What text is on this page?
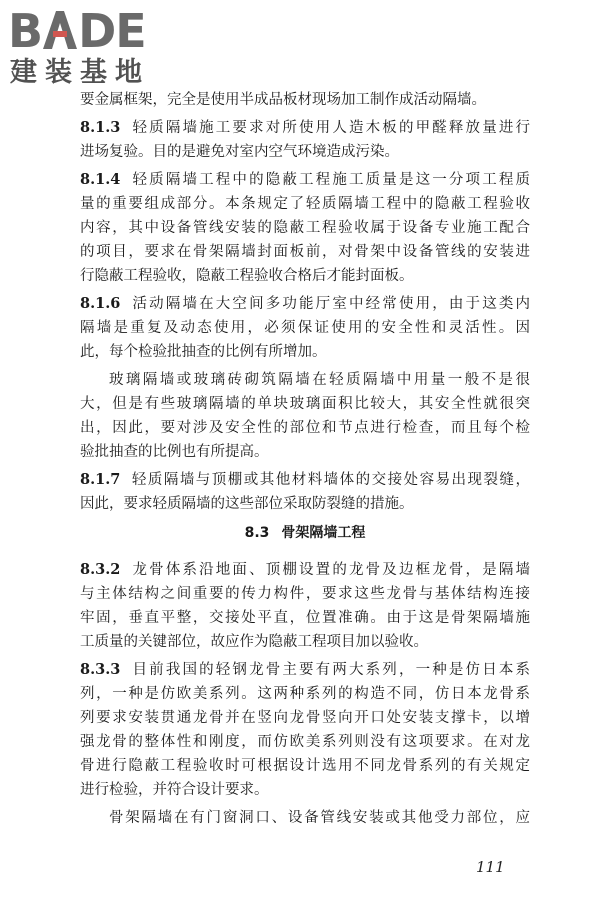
B DE
建装基地
要金属框架，完全是使用半成品板材现场加工制作成活动隔墙。
8.1.3 轻质隔墙施工要求对所使用人造木板的甲醛释放量进行
进场复验。目的是避免对室内空气环境造成污染。
8.1.4 轻质隔墙工程中的隐蔽工程施工质量是这一分项工程质
量的重要组成部分。本条规定了轻质隔墙工程中的隐蔽工程验收
内容，其中设备管线安装的隐蔽工程验收属于设备专业施工配合
的项目，要求在骨架隔墙封面板前，对骨架中设备管线的安装进
行隐蔽工程验收，隐蔽工程验收合格后才能封面板。
8.1.6 活动隔墙在大空间多功能厅室中经常使用，由于这类内
隔墙是重复及动态使用，必须保证使用的安全性和灵活性。因
此，每个检验批抽查的比例有所增加。
玻璃隔墙或玻璃砖砌筑隔墙在轻质隔墙中用量一般不是很
大，但是有些玻璃隔墙的单块玻璃面积比较大，其安全性就很突
出，因此，要对涉及安全性的部位和节点进行检查，而且每个检
验批抽查的比例也有所提高。
8.1.7 轻质隔墙与顶棚或其他材料墙体的交接处容易出现裂缝，
因此，要求轻质隔墙的这些部位采取防裂缝的措施。
8.3.2 龙骨体系沿地面、顶棚设置的龙骨及边框龙骨，是隔墙
与主体结构之间重要的传力构件，要求这些龙骨与基体结构连接
牢固，垂直平整，交接处平直，位置准确。由于这是骨架隔墙施
工质量的关键部位，故应作为隐蔽工程项目加以验收。
8.3.3 目前我国的轻钢龙骨主要有两大系列，一种是仿日本系
列，一种是仿欧美系列。这两种系列的构造不同，仿日本龙骨系
列要求安装贯通龙骨并在竖向龙骨竖向开口处安装支撑卡，以增
强龙骨的整体性和刚度，而仿欧美系列则没有这项要求。在对龙
骨进行隐蔽工程验收时可根据设计选用不同龙骨系列的有关规定
进行检验，并符合设计要求。
骨架隔墙在有门窗洞口、设备管线安装或其他受力部位，应
8.3 骨架隔墙工程
111
